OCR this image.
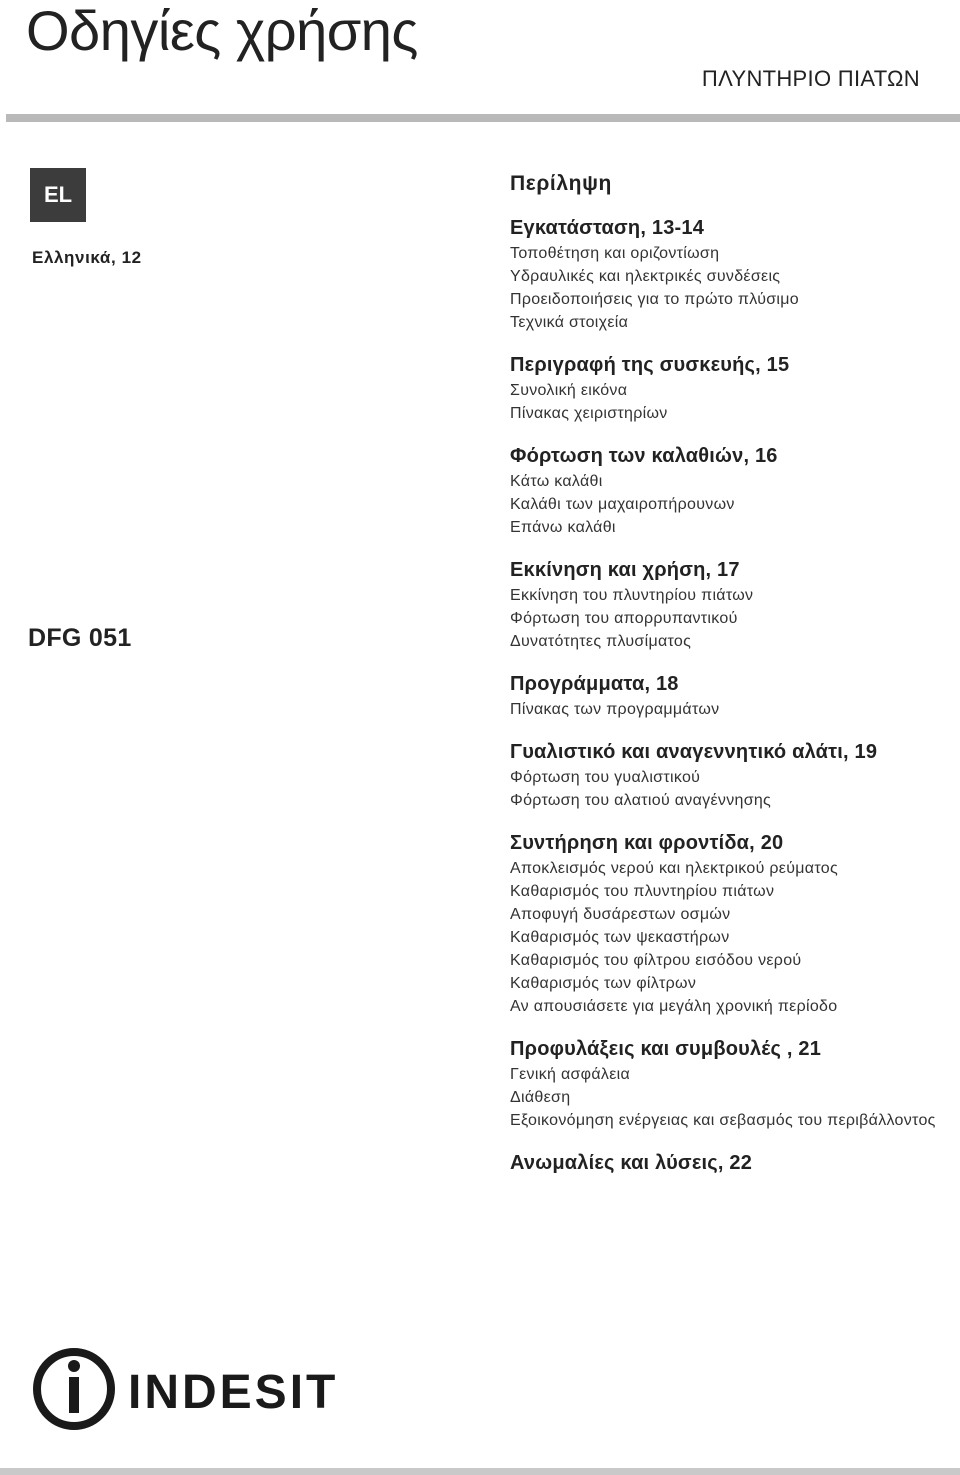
Οδηγίες χρήσης
ΠΛΥΝΤΗΡΙΟ ΠΙΑΤΩΝ
EL
Ελληνικά, 12
DFG 051
Περίληψη
Εγκατάσταση, 13-14
Τοποθέτηση και οριζοντίωση
Υδραυλικές και ηλεκτρικές συνδέσεις
Προειδοποιήσεις για το πρώτο πλύσιμο
Τεχνικά στοιχεία
Περιγραφή της συσκευής, 15
Συνολική εικόνα
Πίνακας χειριστηρίων
Φόρτωση των καλαθιών, 16
Κάτω καλάθι
Καλάθι των μαχαιροπήρουνων
Επάνω καλάθι
Εκκίνηση και χρήση, 17
Εκκίνηση του πλυντηρίου πιάτων
Φόρτωση του απορρυπαντικού
Δυνατότητες πλυσίματος
Προγράμματα, 18
Πίνακας των προγραμμάτων
Γυαλιστικό και αναγεννητικό αλάτι, 19
Φόρτωση του γυαλιστικού
Φόρτωση του αλατιού αναγέννησης
Συντήρηση και φροντίδα, 20
Αποκλεισμός νερού και ηλεκτρικού ρεύματος
Καθαρισμός του πλυντηρίου πιάτων
Αποφυγή δυσάρεστων οσμών
Καθαρισμός των ψεκαστήρων
Καθαρισμός του φίλτρου εισόδου νερού
Καθαρισμός των φίλτρων
Αν απουσιάσετε για μεγάλη χρονική περίοδο
Προφυλάξεις και συμβουλές , 21
Γενική ασφάλεια
Διάθεση
Εξοικονόμηση ενέργειας και σεβασμός του περιβάλλοντος
Ανωμαλίες και λύσεις, 22
INDESIT
